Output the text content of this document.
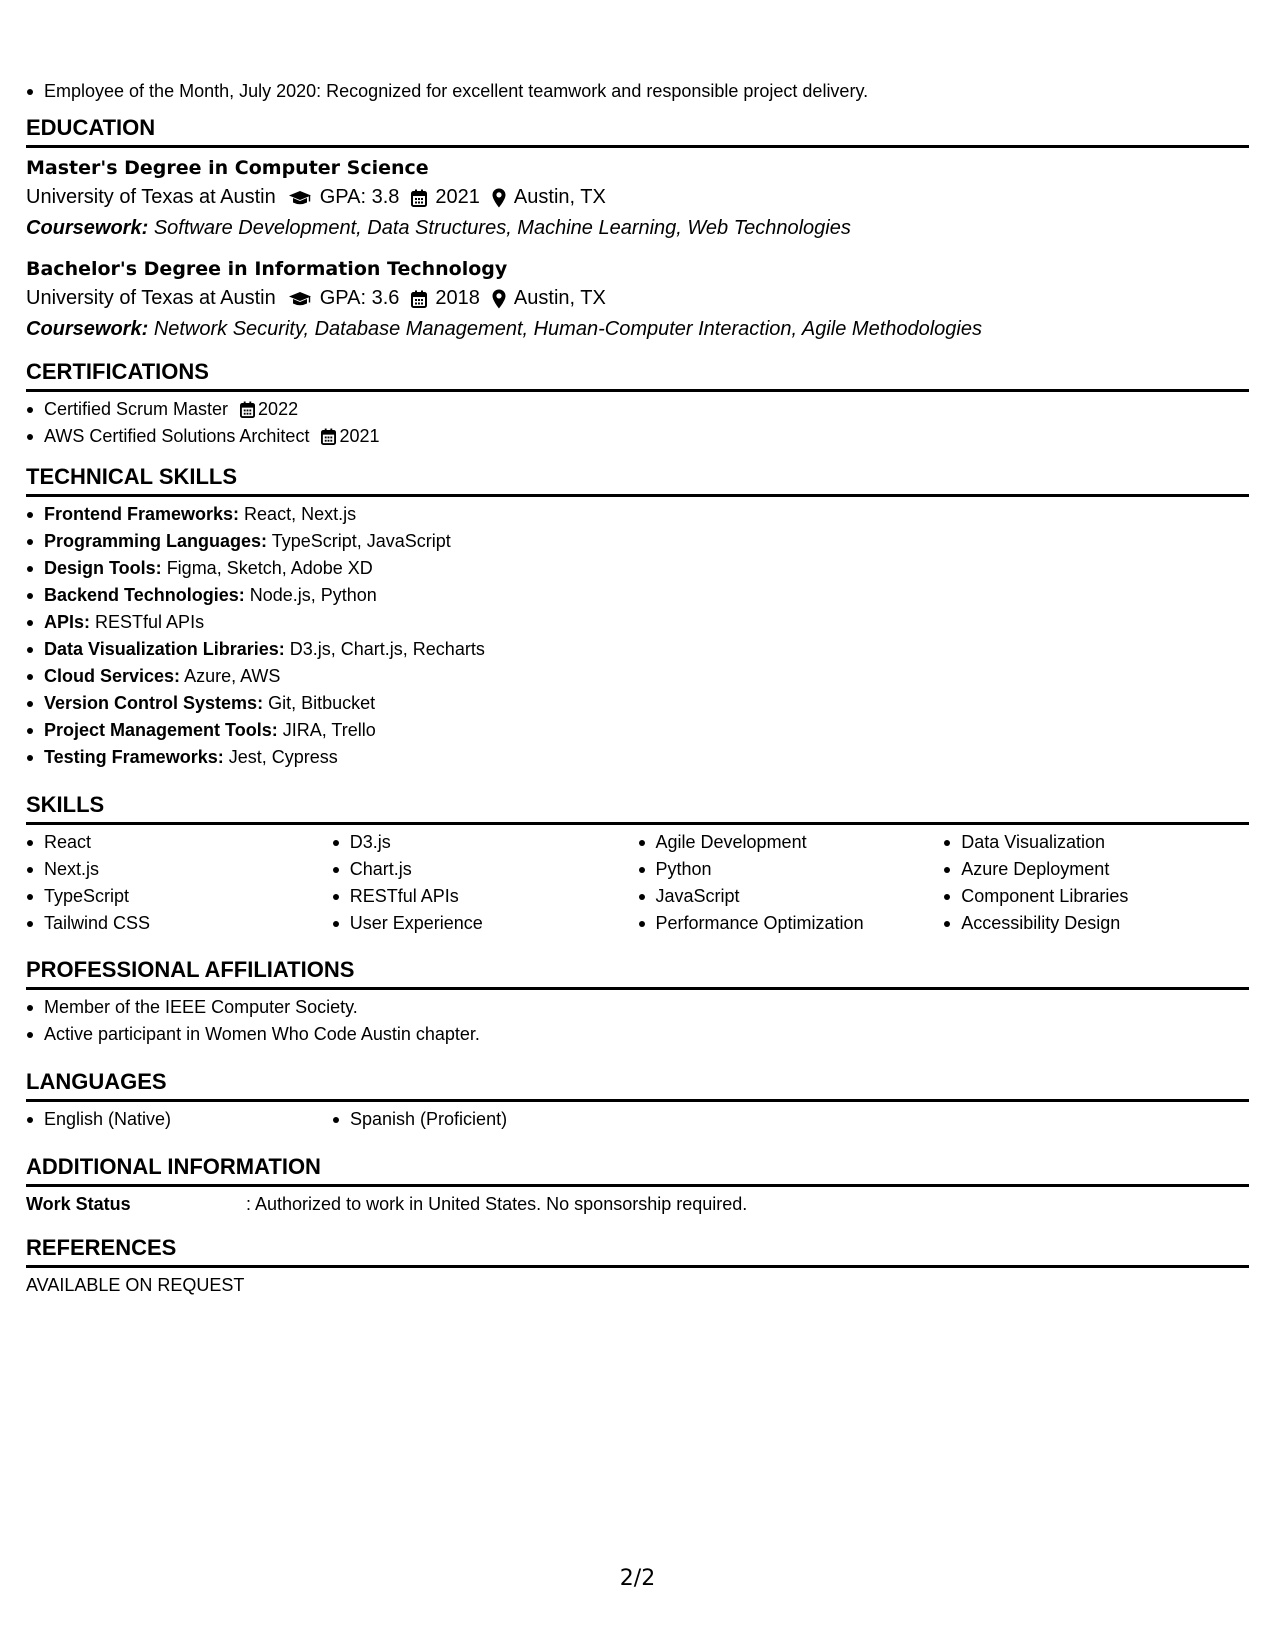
Employee of the Month, July 2020: Recognized for excellent teamwork and responsible project delivery.
EDUCATION
Master's Degree in Computer Science
University of Texas at Austin GPA: 3.8 2021 Austin, TX
Coursework: Software Development, Data Structures, Machine Learning, Web Technologies
Bachelor's Degree in Information Technology
University of Texas at Austin GPA: 3.6 2018 Austin, TX
Coursework: Network Security, Database Management, Human-Computer Interaction, Agile Methodologies
CERTIFICATIONS
Certified Scrum Master 2022
AWS Certified Solutions Architect 2021
TECHNICAL SKILLS
Frontend Frameworks: React, Next.js
Programming Languages: TypeScript, JavaScript
Design Tools: Figma, Sketch, Adobe XD
Backend Technologies: Node.js, Python
APIs: RESTful APIs
Data Visualization Libraries: D3.js, Chart.js, Recharts
Cloud Services: Azure, AWS
Version Control Systems: Git, Bitbucket
Project Management Tools: JIRA, Trello
Testing Frameworks: Jest, Cypress
SKILLS
React
Next.js
TypeScript
Tailwind CSS
D3.js
Chart.js
RESTful APIs
User Experience
Agile Development
Python
JavaScript
Performance Optimization
Data Visualization
Azure Deployment
Component Libraries
Accessibility Design
PROFESSIONAL AFFILIATIONS
Member of the IEEE Computer Society.
Active participant in Women Who Code Austin chapter.
LANGUAGES
English (Native)	Spanish (Proficient)
ADDITIONAL INFORMATION
Work Status	: Authorized to work in United States. No sponsorship required.
REFERENCES
AVAILABLE ON REQUEST
2/2
